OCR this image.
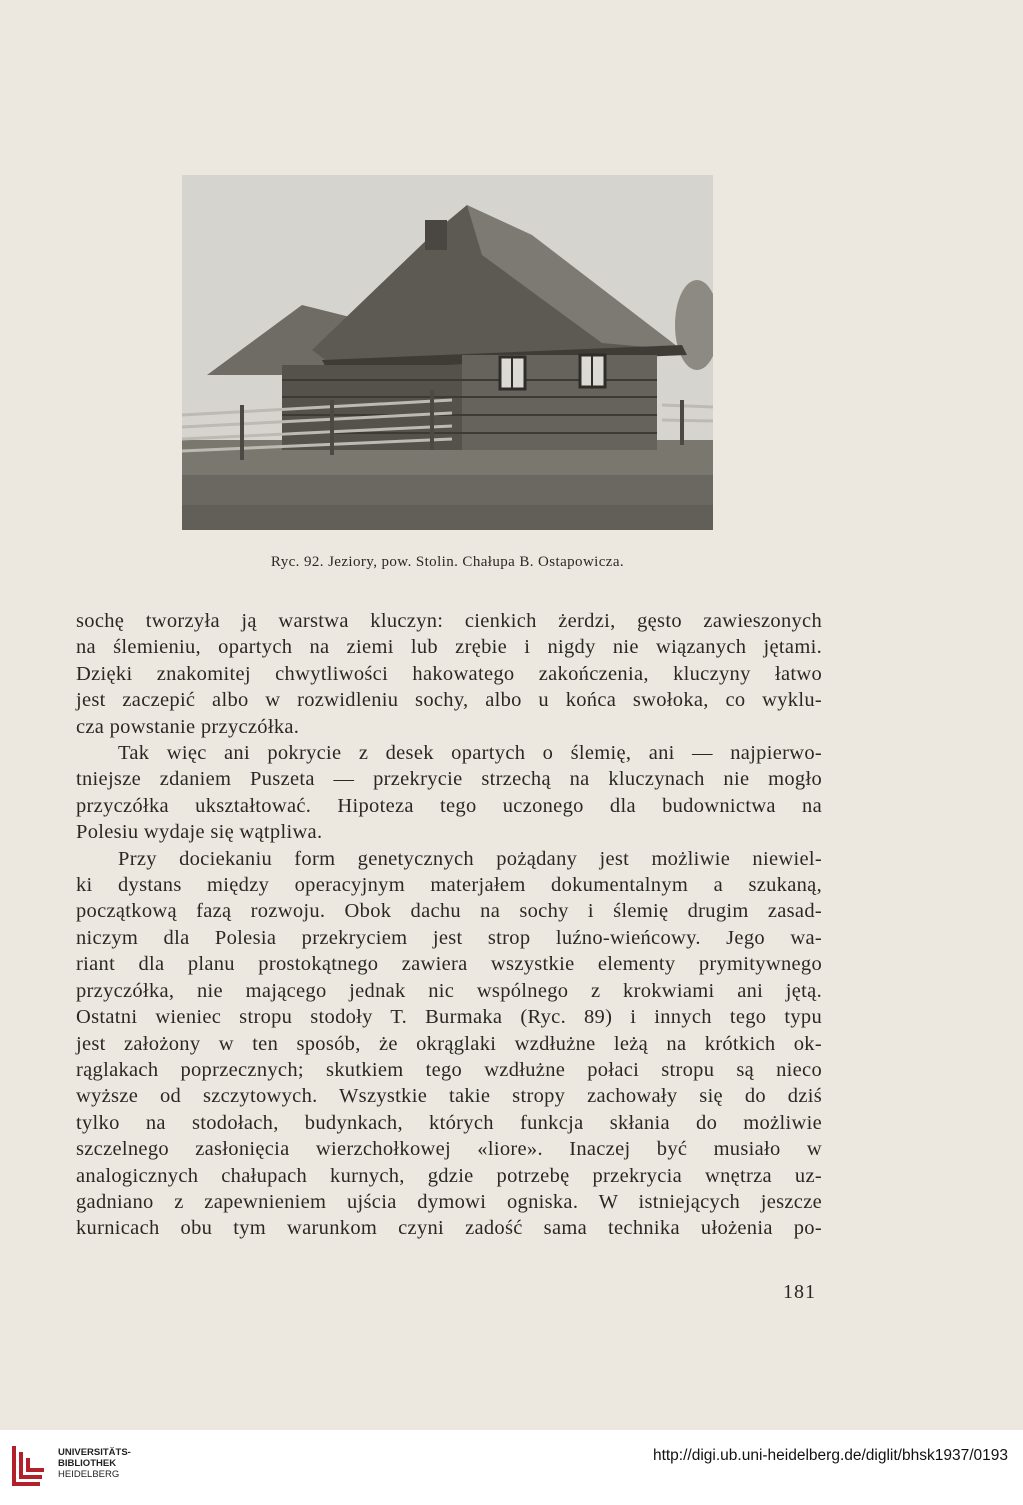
Ryc. 92. Jeziory, pow. Stolin. Chałupa B. Ostapowicza.
sochę tworzyła ją warstwa kluczyn: cienkich żerdzi, gęsto zawieszonych
na ślemieniu, opartych na ziemi lub zrębie i nigdy nie wiązanych jętami.
Dzięki znakomitej chwytliwości hakowatego zakończenia, kluczyny łatwo
jest zaczepić albo w rozwidleniu sochy, albo u końca swołoka, co wyklu-
cza powstanie przyczółka.
Tak więc ani pokrycie z desek opartych o ślemię, ani — najpierwo-
tniejsze zdaniem Puszeta — przekrycie strzechą na kluczynach nie mogło
przyczółka ukształtować. Hipoteza tego uczonego dla budownictwa na
Polesiu wydaje się wątpliwa.
Przy dociekaniu form genetycznych pożądany jest możliwie niewiel-
ki dystans między operacyjnym materjałem dokumentalnym a szukaną,
początkową fazą rozwoju. Obok dachu na sochy i ślemię drugim zasad-
niczym dla Polesia przekryciem jest strop luźno-wieńcowy. Jego wa-
riant dla planu prostokątnego zawiera wszystkie elementy prymitywnego
przyczółka, nie mającego jednak nic wspólnego z krokwiami ani jętą.
Ostatni wieniec stropu stodoły T. Burmaka (Ryc. 89) i innych tego typu
jest założony w ten sposób, że okrąglaki wzdłużne leżą na krótkich ok-
rąglakach poprzecznych; skutkiem tego wzdłużne połaci stropu są nieco
wyższe od szczytowych. Wszystkie takie stropy zachowały się do dziś
tylko na stodołach, budynkach, których funkcja skłania do możliwie
szczelnego zasłonięcia wierzchołkowej «liore». Inaczej być musiało w
analogicznych chałupach kurnych, gdzie potrzebę przekrycia wnętrza uz-
gadniano z zapewnieniem ujścia dymowi ogniska. W istniejących jeszcze
kurnicach obu tym warunkom czyni zadość sama technika ułożenia po-
181
UNIVERSITÄTS-
BIBLIOTHEK
HEIDELBERG
http://digi.ub.uni-heidelberg.de/diglit/bhsk1937/0193
